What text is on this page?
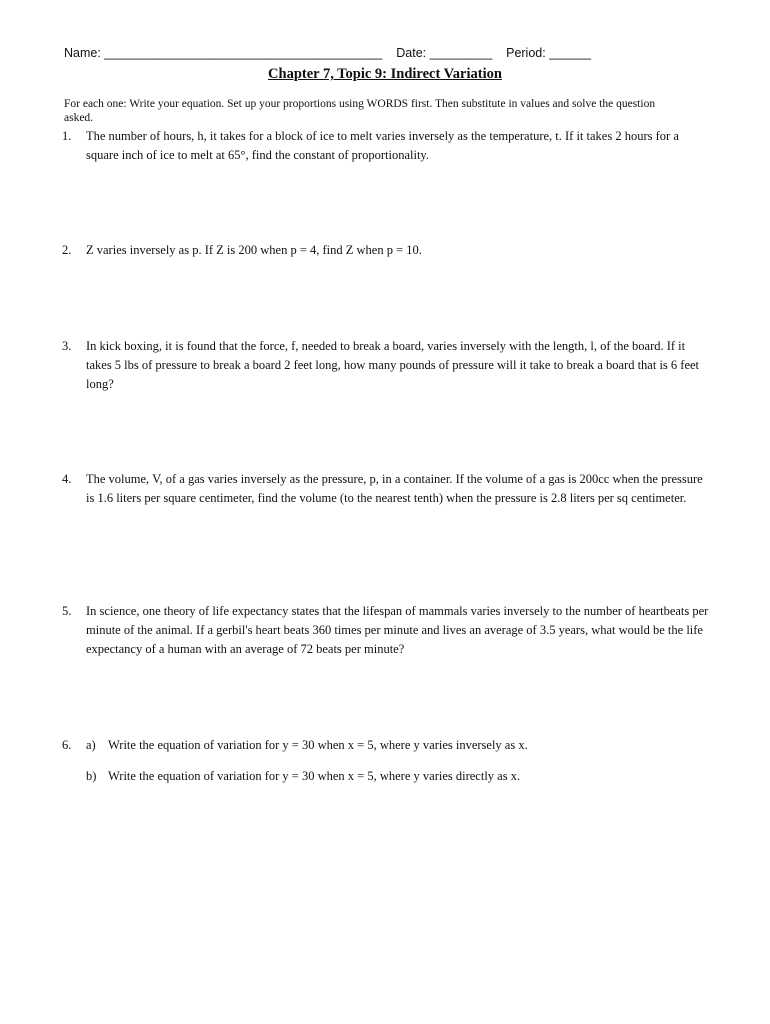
Name: ________________________________________ Date: _________ Period: ______
Chapter 7, Topic 9: Indirect Variation
For each one: Write your equation. Set up your proportions using WORDS first. Then substitute in values and solve the question asked.
1.	The number of hours, h, it takes for a block of ice to melt varies inversely as the temperature, t. If it takes 2 hours for a square inch of ice to melt at 65°, find the constant of proportionality.
2.	Z varies inversely as p. If Z is 200 when p = 4, find Z when p = 10.
3.	In kick boxing, it is found that the force, f, needed to break a board, varies inversely with the length, l, of the board. If it takes 5 lbs of pressure to break a board 2 feet long, how many pounds of pressure will it take to break a board that is 6 feet long?
4.	The volume, V, of a gas varies inversely as the pressure, p, in a container. If the volume of a gas is 200cc when the pressure is 1.6 liters per square centimeter, find the volume (to the nearest tenth) when the pressure is 2.8 liters per sq centimeter.
5.	In science, one theory of life expectancy states that the lifespan of mammals varies inversely to the number of heartbeats per minute of the animal. If a gerbil's heart beats 360 times per minute and lives an average of 3.5 years, what would be the life expectancy of a human with an average of 72 beats per minute?
6.	a) Write the equation of variation for y = 30 when x = 5, where y varies inversely as x.
b) Write the equation of variation for y = 30 when x = 5, where y varies directly as x.
